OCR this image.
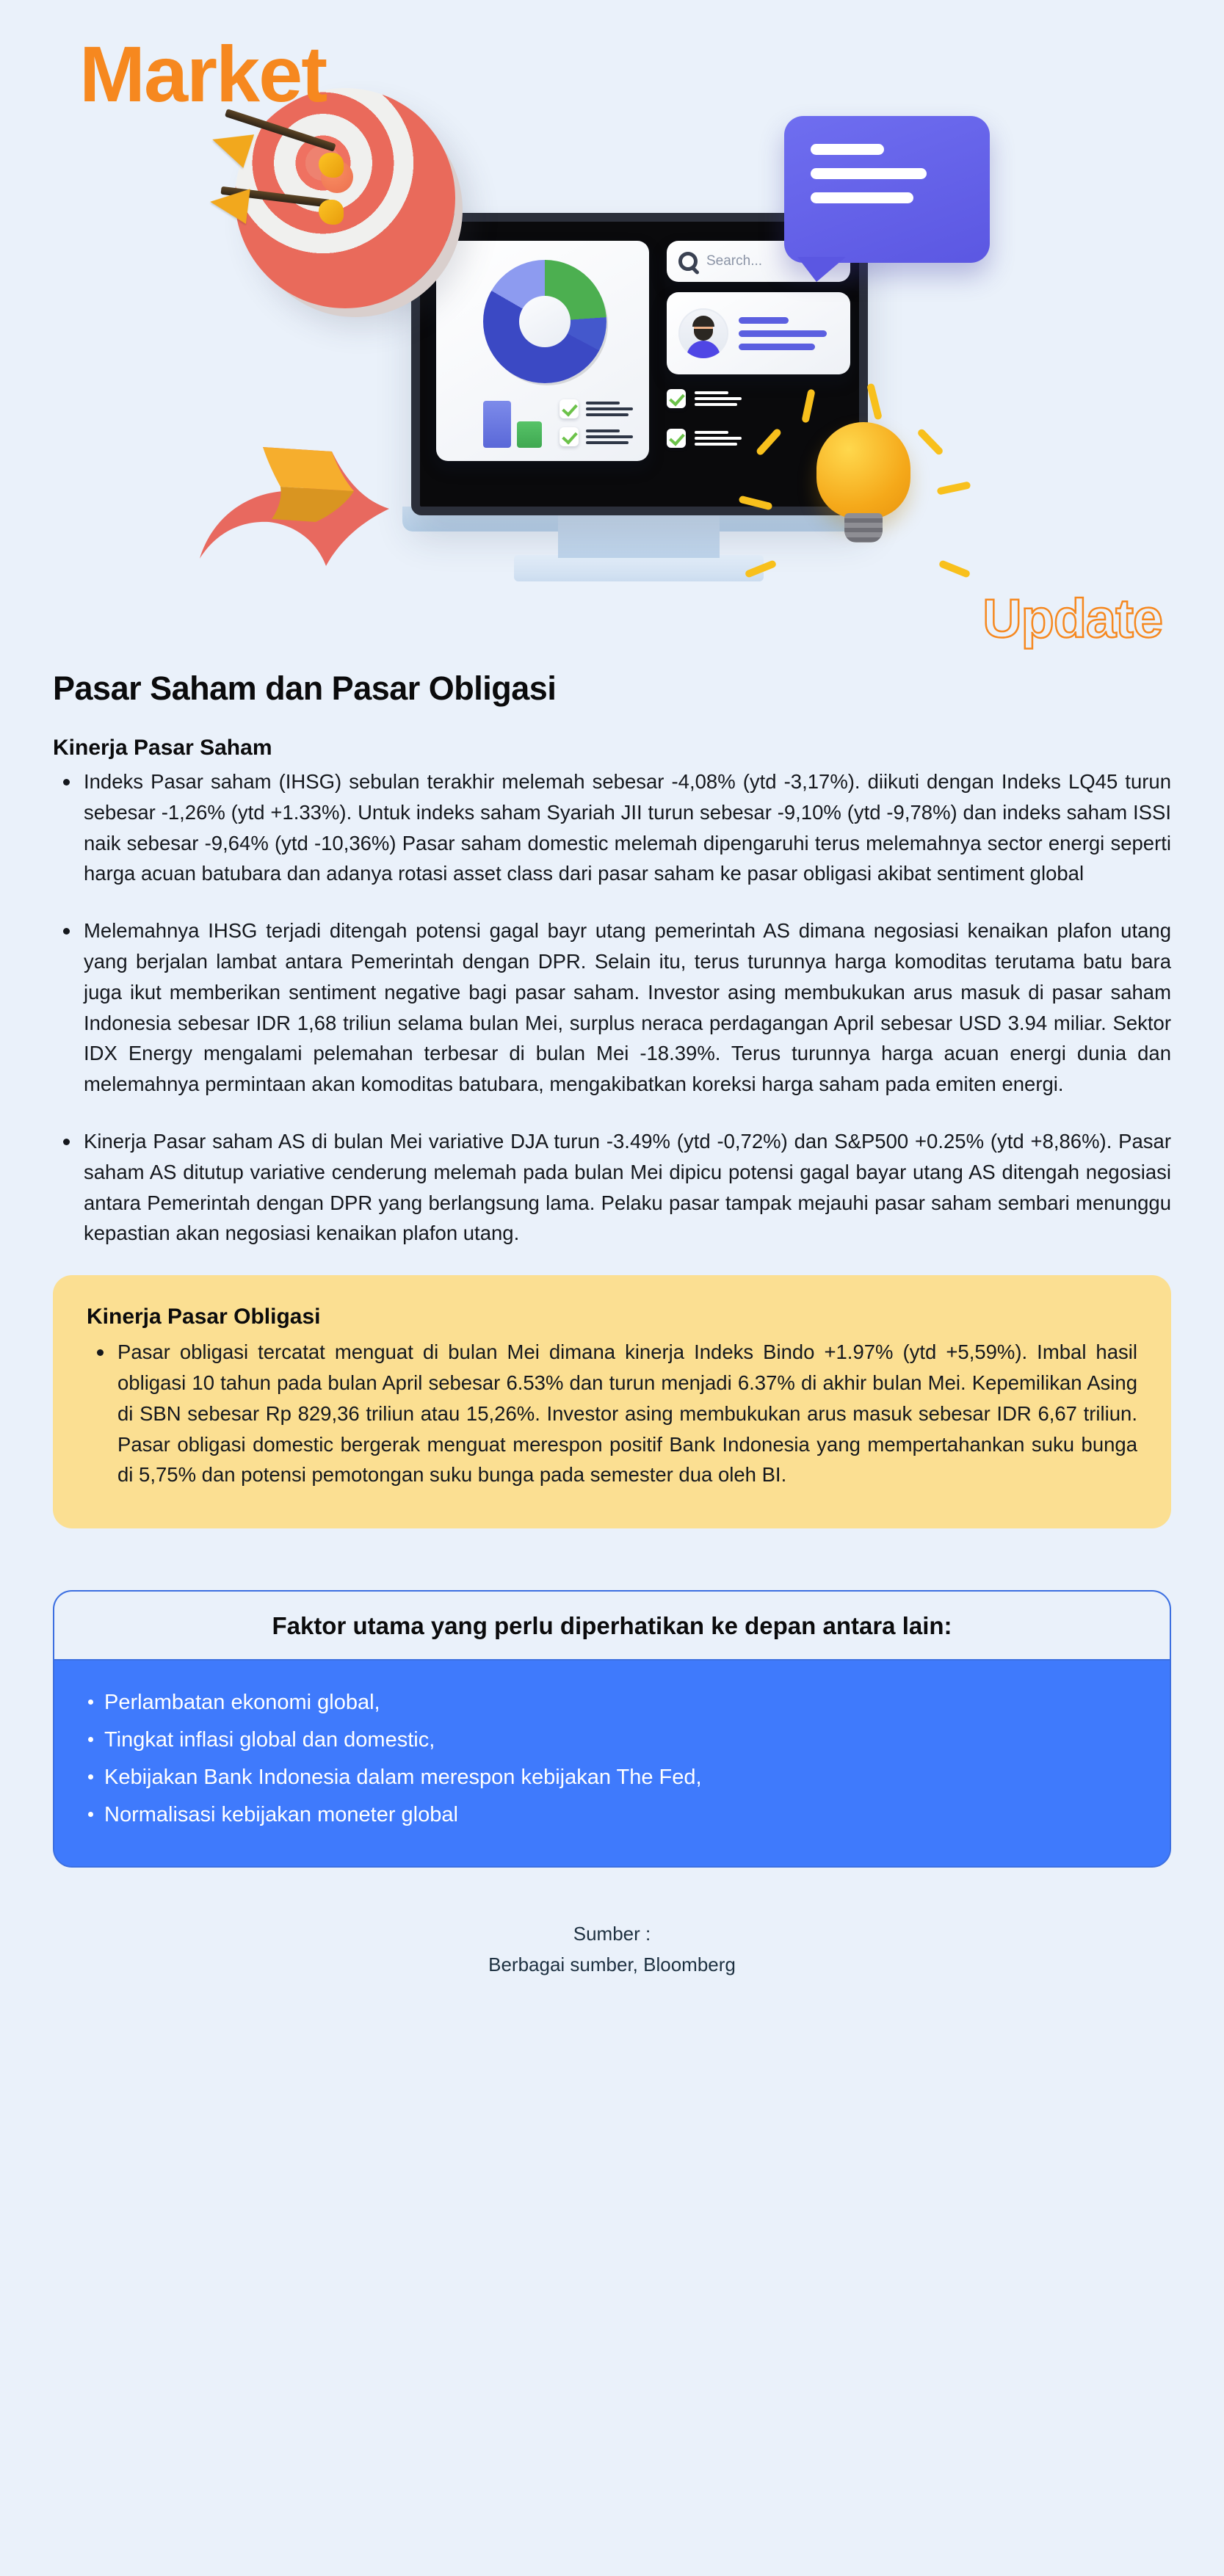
Market
Search...
Update
Pasar Saham dan Pasar Obligasi
Kinerja Pasar Saham
Indeks Pasar saham (IHSG) sebulan terakhir melemah sebesar -4,08% (ytd -3,17%). diikuti dengan Indeks LQ45 turun sebesar -1,26% (ytd +1.33%). Untuk indeks saham Syariah JII turun sebesar -9,10% (ytd -9,78%) dan indeks saham ISSI naik sebesar -9,64% (ytd -10,36%) Pasar saham domestic melemah dipengaruhi terus melemahnya sector energi seperti harga acuan batubara dan adanya rotasi asset class dari pasar saham ke pasar obligasi akibat sentiment global
Melemahnya IHSG terjadi ditengah potensi gagal bayr utang pemerintah AS dimana negosiasi kenaikan plafon utang yang berjalan lambat antara Pemerintah dengan DPR. Selain itu, terus turunnya harga komoditas terutama batu bara juga ikut memberikan sentiment negative bagi pasar saham. Investor asing membukukan arus masuk di pasar saham Indonesia sebesar IDR 1,68 triliun selama bulan Mei, surplus neraca perdagangan April sebesar USD 3.94 miliar. Sektor IDX Energy mengalami pelemahan terbesar di bulan Mei -18.39%. Terus turunnya harga acuan energi dunia dan melemahnya permintaan akan komoditas batubara, mengakibatkan koreksi harga saham pada emiten energi.
Kinerja Pasar saham AS di bulan Mei variative DJA turun -3.49% (ytd -0,72%) dan S&P500 +0.25% (ytd +8,86%). Pasar saham AS ditutup variative cenderung melemah pada bulan Mei dipicu potensi gagal bayar utang AS ditengah negosiasi antara Pemerintah dengan DPR yang berlangsung lama. Pelaku pasar tampak mejauhi pasar saham sembari menunggu kepastian akan negosiasi kenaikan plafon utang.
Kinerja Pasar Obligasi
Pasar obligasi tercatat menguat di bulan Mei dimana kinerja Indeks Bindo +1.97% (ytd +5,59%). Imbal hasil obligasi 10 tahun pada bulan April sebesar 6.53% dan turun menjadi 6.37% di akhir bulan Mei. Kepemilikan Asing di SBN sebesar Rp 829,36 triliun atau 15,26%. Investor asing membukukan arus masuk sebesar IDR 6,67 triliun. Pasar obligasi domestic bergerak menguat merespon positif Bank Indonesia yang mempertahankan suku bunga di 5,75% dan potensi pemotongan suku bunga pada semester dua oleh BI.
Faktor utama yang perlu diperhatikan ke depan antara lain:
Perlambatan ekonomi global,
Tingkat inflasi global dan domestic,
Kebijakan Bank Indonesia dalam merespon kebijakan The Fed,
Normalisasi kebijakan moneter global
Sumber :
Berbagai sumber, Bloomberg
